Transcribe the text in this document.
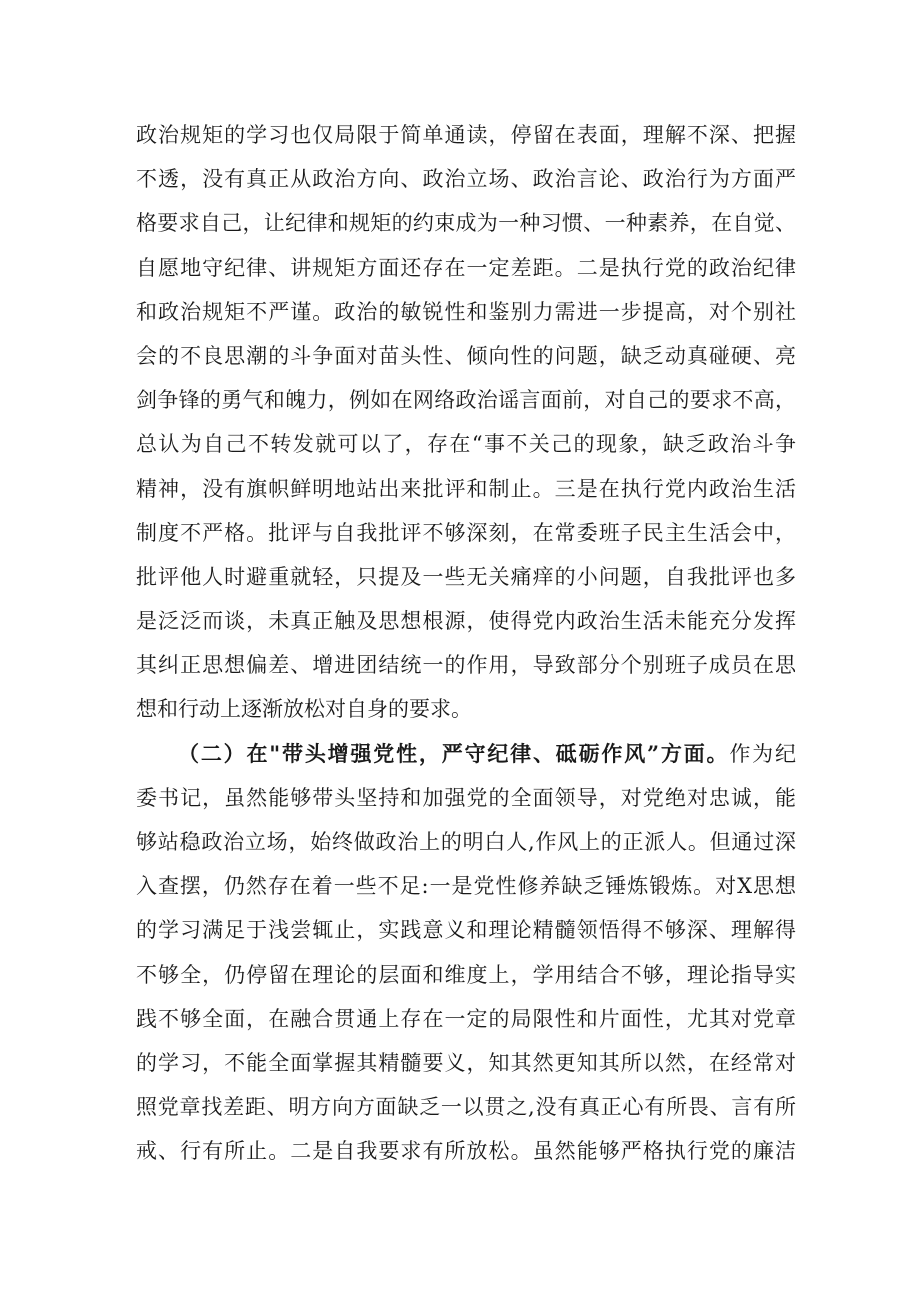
政治规矩的学习也仅局限于简单通读，停留在表面，理解不深、把握
不透，没有真正从政治方向、政治立场、政治言论、政治行为方面严
格要求自己，让纪律和规矩的约束成为一种习惯、一种素养，在自觉、
自愿地守纪律、讲规矩方面还存在一定差距。二是执行党的政治纪律
和政治规矩不严谨。政治的敏锐性和鉴别力需进一步提高，对个别社
会的不良思潮的斗争面对苗头性、倾向性的问题，缺乏动真碰硬、亮
剑争锋的勇气和魄力，例如在网络政治谣言面前，对自己的要求不高，
总认为自己不转发就可以了，存在“事不关己的现象，缺乏政治斗争
精神，没有旗帜鲜明地站出来批评和制止。三是在执行党内政治生活
制度不严格。批评与自我批评不够深刻，在常委班子民主生活会中，
批评他人时避重就轻，只提及一些无关痛痒的小问题，自我批评也多
是泛泛而谈，未真正触及思想根源，使得党内政治生活未能充分发挥
其纠正思想偏差、增进团结统一的作用，导致部分个别班子成员在思
想和行动上逐渐放松对自身的要求。
（二）在"带头增强党性，严守纪律、砥砺作风”方面。作为纪
委书记，虽然能够带头坚持和加强党的全面领导，对党绝对忠诚，能
够站稳政治立场，始终做政治上的明白人,作风上的正派人。但通过深
入查摆，仍然存在着一些不足:一是党性修养缺乏锤炼锻炼。对X思想
的学习满足于浅尝辄止，实践意义和理论精髓领悟得不够深、理解得
不够全，仍停留在理论的层面和维度上，学用结合不够，理论指导实
践不够全面，在融合贯通上存在一定的局限性和片面性，尤其对党章
的学习，不能全面掌握其精髓要义，知其然更知其所以然，在经常对
照党章找差距、明方向方面缺乏一以贯之,没有真正心有所畏、言有所
戒、行有所止。二是自我要求有所放松。虽然能够严格执行党的廉洁
